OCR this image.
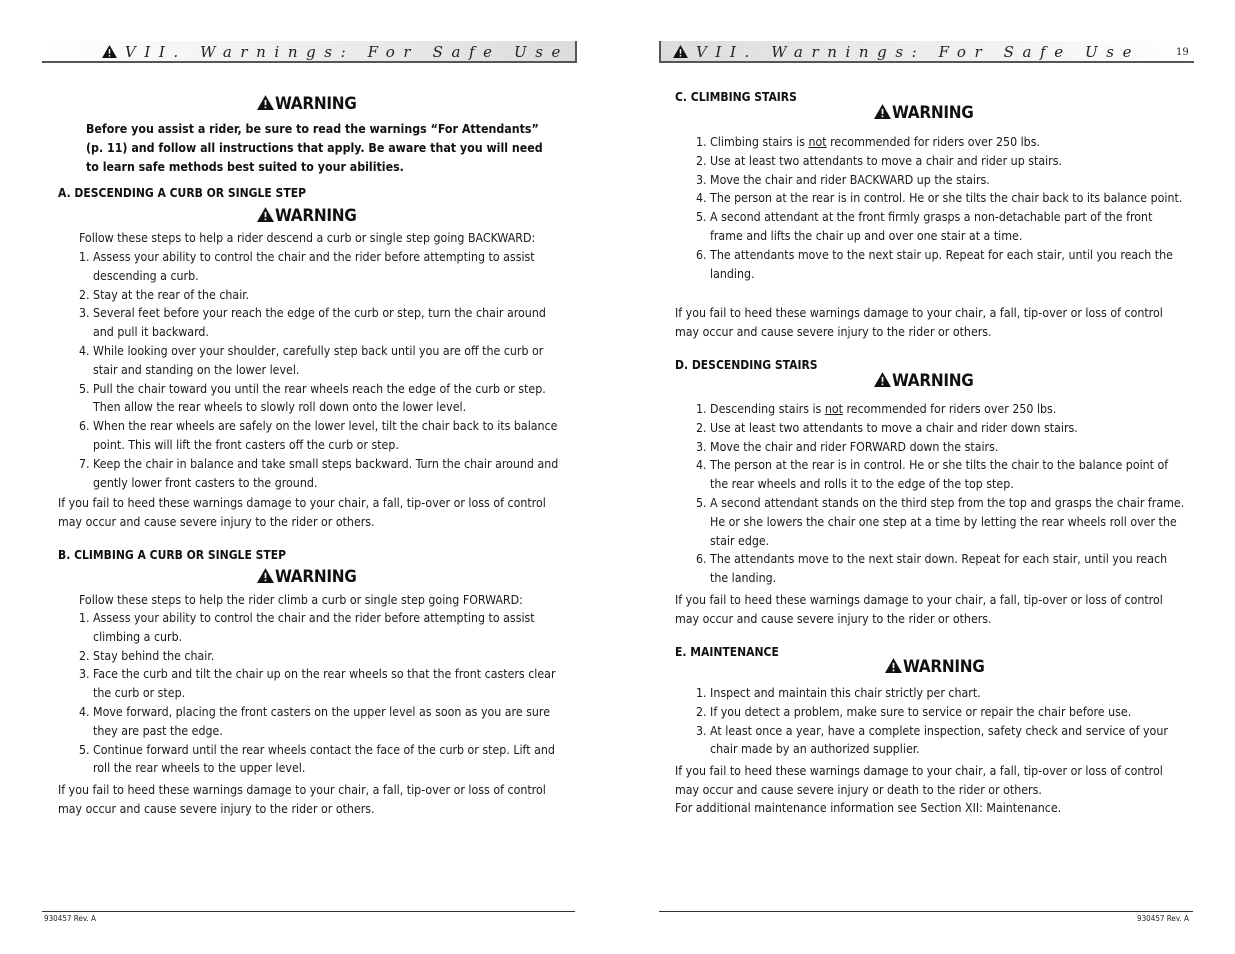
VII. Warnings: For Safe Use
WARNING
Before you assist a rider, be sure to read the warnings “For Attendants” (p. 11) and follow all instructions that apply. Be aware that you will need to learn safe methods best suited to your abilities.
A. DESCENDING A CURB OR SINGLE STEP
WARNING
Follow these steps to help a rider descend a curb or single step going BACKWARD:
1. Assess your ability to control the chair and the rider before attempting to assist descending a curb.
2. Stay at the rear of the chair.
3. Several feet before your reach the edge of the curb or step, turn the chair around and pull it backward.
4. While looking over your shoulder, carefully step back until you are off the curb or stair and standing on the lower level.
5. Pull the chair toward you until the rear wheels reach the edge of the curb or step. Then allow the rear wheels to slowly roll down onto the lower level.
6. When the rear wheels are safely on the lower level, tilt the chair back to its balance point. This will lift the front casters off the curb or step.
7. Keep the chair in balance and take small steps backward. Turn the chair around and gently lower front casters to the ground.
If you fail to heed these warnings damage to your chair, a fall, tip-over or loss of control may occur and cause severe injury to the rider or others.
B. CLIMBING A CURB OR SINGLE STEP
WARNING
Follow these steps to help the rider climb a curb or single step going FORWARD:
1. Assess your ability to control the chair and the rider before attempting to assist climbing a curb.
2. Stay behind the chair.
3. Face the curb and tilt the chair up on the rear wheels so that the front casters clear the curb or step.
4. Move forward, placing the front casters on the upper level as soon as you are sure they are past the edge.
5. Continue forward until the rear wheels contact the face of the curb or step. Lift and roll the rear wheels to the upper level.
If you fail to heed these warnings damage to your chair, a fall, tip-over or loss of control may occur and cause severe injury to the rider or others.
930457 Rev. A
VII. Warnings: For Safe Use	19
C. CLIMBING STAIRS
WARNING
1. Climbing stairs is not recommended for riders over 250 lbs.
2. Use at least two attendants to move a chair and rider up stairs.
3. Move the chair and rider BACKWARD up the stairs.
4. The person at the rear is in control. He or she tilts the chair back to its balance point.
5. A second attendant at the front firmly grasps a non-detachable part of the front frame and lifts the chair up and over one stair at a time.
6. The attendants move to the next stair up. Repeat for each stair, until you reach the landing.
If you fail to heed these warnings damage to your chair, a fall, tip-over or loss of control may occur and cause severe injury to the rider or others.
D. DESCENDING STAIRS
WARNING
1. Descending stairs is not recommended for riders over 250 lbs.
2. Use at least two attendants to move a chair and rider down stairs.
3. Move the chair and rider FORWARD down the stairs.
4. The person at the rear is in control. He or she tilts the chair to the balance point of the rear wheels and rolls it to the edge of the top step.
5. A second attendant stands on the third step from the top and grasps the chair frame. He or she lowers the chair one step at a time by letting the rear wheels roll over the stair edge.
6. The attendants move to the next stair down. Repeat for each stair, until you reach the landing.
If you fail to heed these warnings damage to your chair, a fall, tip-over or loss of control may occur and cause severe injury to the rider or others.
E. MAINTENANCE
WARNING
1. Inspect and maintain this chair strictly per chart.
2. If you detect a problem, make sure to service or repair the chair before use.
3. At least once a year, have a complete inspection, safety check and service of your chair made by an authorized supplier.
If you fail to heed these warnings damage to your chair, a fall, tip-over or loss of control may occur and cause severe injury or death to the rider or others.
For additional maintenance information see Section XII: Maintenance.
930457 Rev. A
